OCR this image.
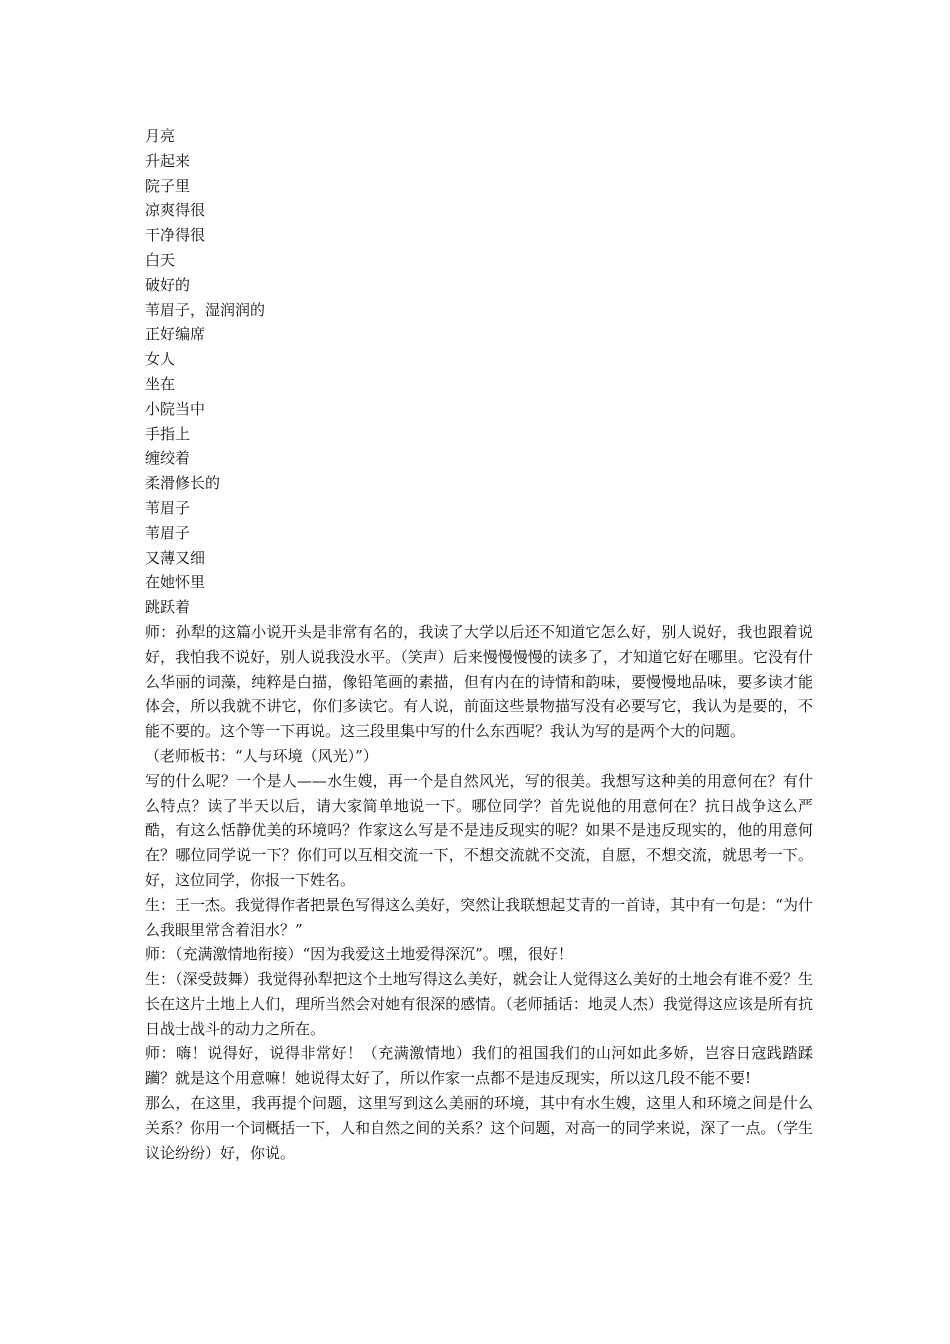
月亮
升起来
院子里
凉爽得很
干净得很
白天
破好的
苇眉子，湿润润的
正好编席
女人
坐在
小院当中
手指上
缠绞着
柔滑修长的
苇眉子
苇眉子
又薄又细
在她怀里
跳跃着
师：孙犁的这篇小说开头是非常有名的，我读了大学以后还不知道它怎么好，别人说好，我也跟着说好，我怕我不说好，别人说我没水平。（笑声）后来慢慢慢慢的读多了，才知道它好在哪里。它没有什么华丽的词藻，纯粹是白描，像铅笔画的素描，但有内在的诗情和韵味，要慢慢地品味，要多读才能体会，所以我就不讲它，你们多读它。有人说，前面这些景物描写没有必要写它，我认为是要的，不能不要的。这个等一下再说。这三段里集中写的什么东西呢？我认为写的是两个大的问题。
（老师板书：“人与环境（风光）”）
写的什么呢？一个是人——水生嫂，再一个是自然风光，写的很美。我想写这种美的用意何在？有什么特点？读了半天以后，请大家简单地说一下。哪位同学？首先说他的用意何在？抗日战争这么严酷，有这么恬静优美的环境吗？作家这么写是不是违反现实的呢？如果不是违反现实的，他的用意何在？哪位同学说一下？你们可以互相交流一下，不想交流就不交流，自愿，不想交流，就思考一下。好，这位同学，你报一下姓名。
生：王一杰。我觉得作者把景色写得这么美好，突然让我联想起艾青的一首诗，其中有一句是：“为什么我眼里常含着泪水？”
师：（充满激情地衔接）“因为我爱这土地爱得深沉”。嘿，很好！
生：（深受鼓舞）我觉得孙犁把这个土地写得这么美好，就会让人觉得这么美好的土地会有谁不爱？生长在这片土地上人们，理所当然会对她有很深的感情。（老师插话：地灵人杰）我觉得这应该是所有抗日战士战斗的动力之所在。
师：嗨！说得好，说得非常好！（充满激情地）我们的祖国我们的山河如此多娇，岂容日寇践踏蹂躏？就是这个用意嘛！她说得太好了，所以作家一点都不是违反现实，所以这几段不能不要!
那么，在这里，我再提个问题，这里写到这么美丽的环境，其中有水生嫂，这里人和环境之间是什么关系？你用一个词概括一下，人和自然之间的关系？这个问题，对高一的同学来说，深了一点。（学生议论纷纷）好，你说。
